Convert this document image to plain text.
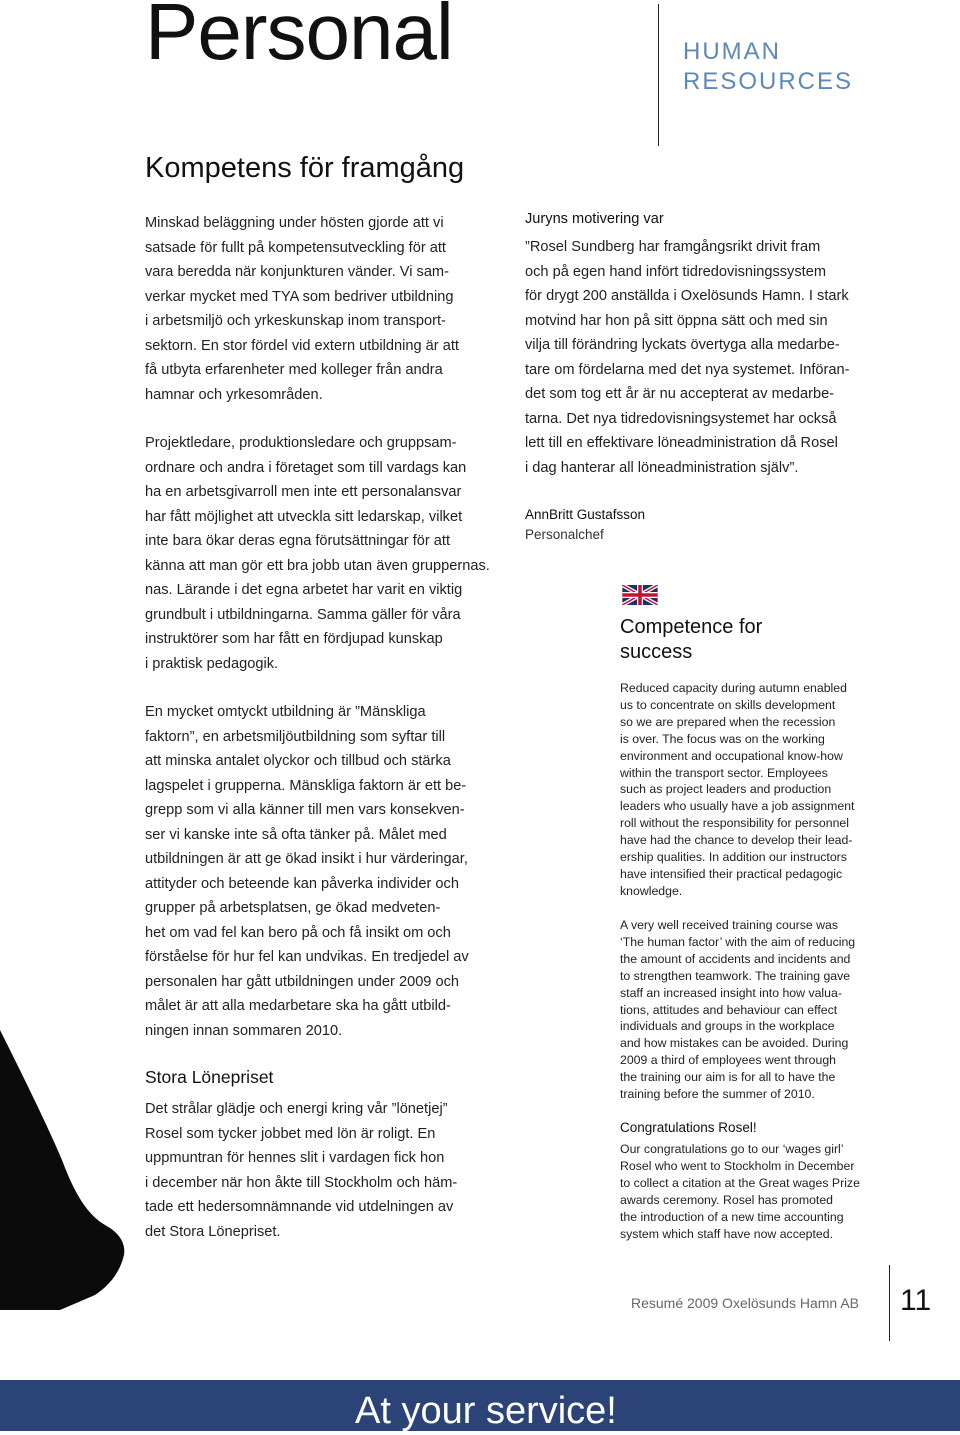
Personal	HUMAN
RESOURCES
Kompetens för framgång
Minskad beläggning under hösten gjorde att vi
satsade för fullt på kompetensutveckling för att
vara beredda när konjunkturen vänder. Vi sam-
verkar mycket med TYA som bedriver utbildning
i arbetsmiljö och yrkeskunskap inom transport-
sektorn. En stor fördel vid extern utbildning är att
få utbyta erfarenheter med kolleger från andra
hamnar och yrkesområden.
Projektledare, produktionsledare och gruppsam-
ordnare och andra i företaget som till vardags kan
ha en arbetsgivarroll men inte ett personalansvar
har fått möjlighet att utveckla sitt ledarskap, vilket
inte bara ökar deras egna förutsättningar för att
känna att man gör ett bra jobb utan även gruppernas.
nas. Lärande i det egna arbetet har varit en viktig
grundbult i utbildningarna. Samma gäller för våra
instruktörer som har fått en fördjupad kunskap
i praktisk pedagogik.
En mycket omtyckt utbildning är ”Mänskliga
faktorn”, en arbetsmiljöutbildning som syftar till
att minska antalet olyckor och tillbud och stärka
lagspelet i grupperna. Mänskliga faktorn är ett be-
grepp som vi alla känner till men vars konsekven-
ser vi kanske inte så ofta tänker på. Målet med
utbildningen är att ge ökad insikt i hur värderingar,
attityder och beteende kan påverka individer och
grupper på arbetsplatsen, ge ökad medveten-
het om vad fel kan bero på och få insikt om och
förståelse för hur fel kan undvikas. En tredjedel av
personalen har gått utbildningen under 2009 och
målet är att alla medarbetare ska ha gått utbild-
ningen innan sommaren 2010.
Stora Lönepriset
Det strålar glädje och energi kring vår ”lönetjej”
Rosel som tycker jobbet med lön är roligt. En
uppmuntran för hennes slit i vardagen fick hon
i december när hon åkte till Stockholm och häm-
tade ett hedersomnämnande vid utdelningen av
det Stora Lönepriset.
Juryns motivering var
”Rosel Sundberg har framgångsrikt drivit fram
och på egen hand infört tidredovisningssystem
för drygt 200 anställda i Oxelösunds Hamn. I stark
motvind har hon på sitt öppna sätt och med sin
vilja till förändring lyckats övertyga alla medarbe-
tare om fördelarna med det nya systemet. Införan-
det som tog ett år är nu accepterat av medarbe-
tarna. Det nya tidredovisningsystemet har också
lett till en effektivare löneadministration då Rosel
i dag hanterar all löneadministration själv”.
AnnBritt Gustafsson
Personalchef
Competence for
success
Reduced capacity during autumn enabled
us to concentrate on skills development
so we are prepared when the recession
is over. The focus was on the working
environment and occupational know-how
within the transport sector. Employees
such as project leaders and production
leaders who usually have a job assignment
roll without the responsibility for personnel
have had the chance to develop their lead-
ership qualities. In addition our instructors
have intensified their practical pedagogic
knowledge.
A very well received training course was
‘The human factor’ with the aim of reducing
the amount of accidents and incidents and
to strengthen teamwork. The training gave
staff an increased insight into how valua-
tions, attitudes and behaviour can effect
individuals and groups in the workplace
and how mistakes can be avoided. During
2009 a third of employees went through
the training our aim is for all to have the
training before the summer of 2010.
Congratulations Rosel!
Our congratulations go to our ‘wages girl’
Rosel who went to Stockholm in December
to collect a citation at the Great wages Prize
awards ceremony. Rosel has promoted
the introduction of a new time accounting
system which staff have now accepted.
Resumé 2009 Oxelösunds Hamn AB 11
At your service!
